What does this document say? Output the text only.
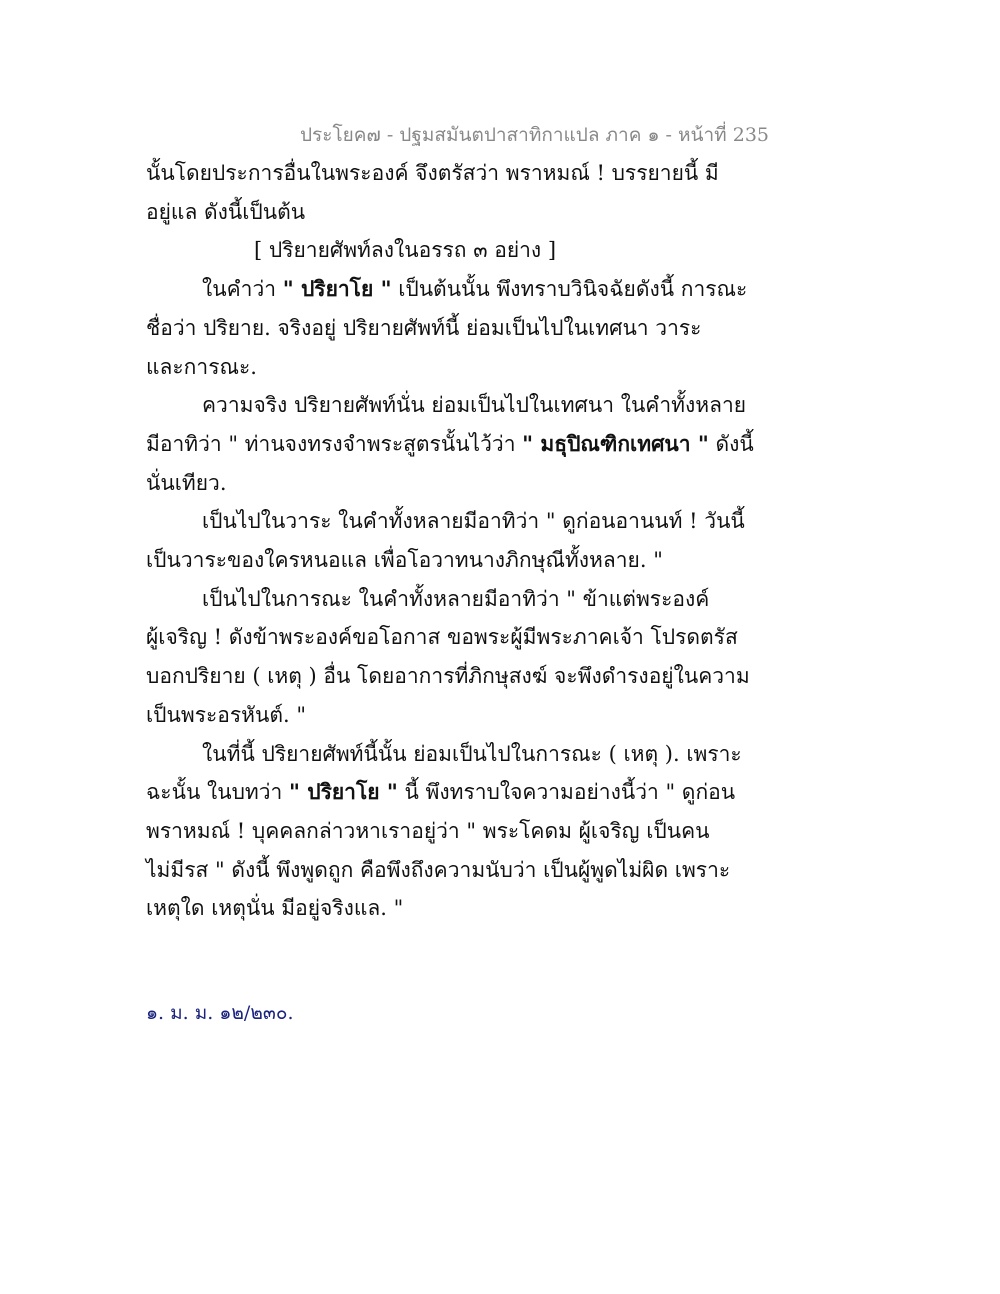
ประโยค๗ - ปฐมสมันตปาสาทิกาแปล ภาค ๑ - หน้าที่ 235
นั้นโดยประการอื่นในพระองค์ จึงตรัสว่า พราหมณ์ ! บรรยายนี้ มี
อยู่แล ดังนี้เป็นต้น
[ ปริยายศัพท์ลงในอรรถ ๓ อย่าง ]
ในคำว่า " ปริยาโย " เป็นต้นนั้น พึงทราบวินิจฉัยดังนี้ การณะ
ชื่อว่า ปริยาย. จริงอยู่ ปริยายศัพท์นี้ ย่อมเป็นไปในเทศนา วาระ
และการณะ.
ความจริง ปริยายศัพท์นั่น ย่อมเป็นไปในเทศนา ในคำทั้งหลาย
มีอาทิว่า " ท่านจงทรงจำพระสูตรนั้นไว้ว่า " มธุปิณฑิกเทศนา " ดังนี้
นั่นเทียว.
เป็นไปในวาระ ในคำทั้งหลายมีอาทิว่า " ดูก่อนอานนท์ ! วันนี้
เป็นวาระของใครหนอแล เพื่อโอวาทนางภิกษุณีทั้งหลาย. "
เป็นไปในการณะ ในคำทั้งหลายมีอาทิว่า " ข้าแต่พระองค์
ผู้เจริญ ! ดังข้าพระองค์ขอโอกาส ขอพระผู้มีพระภาคเจ้า โปรดตรัส
บอกปริยาย ( เหตุ ) อื่น โดยอาการที่ภิกษุสงฆ์ จะพึงดำรงอยู่ในความ
เป็นพระอรหันต์. "
ในที่นี้ ปริยายศัพท์นี้นั้น ย่อมเป็นไปในการณะ ( เหตุ ). เพราะ
ฉะนั้น ในบทว่า " ปริยาโย " นี้ พึงทราบใจความอย่างนี้ว่า " ดูก่อน
พราหมณ์ ! บุคคลกล่าวหาเราอยู่ว่า " พระโคดม ผู้เจริญ เป็นคน
ไม่มีรส " ดังนี้ พึงพูดถูก คือพึงถึงความนับว่า เป็นผู้พูดไม่ผิด เพราะ
เหตุใด เหตุนั่น มีอยู่จริงแล. "
๑. ม. ม. ๑๒/๒๓๐.
